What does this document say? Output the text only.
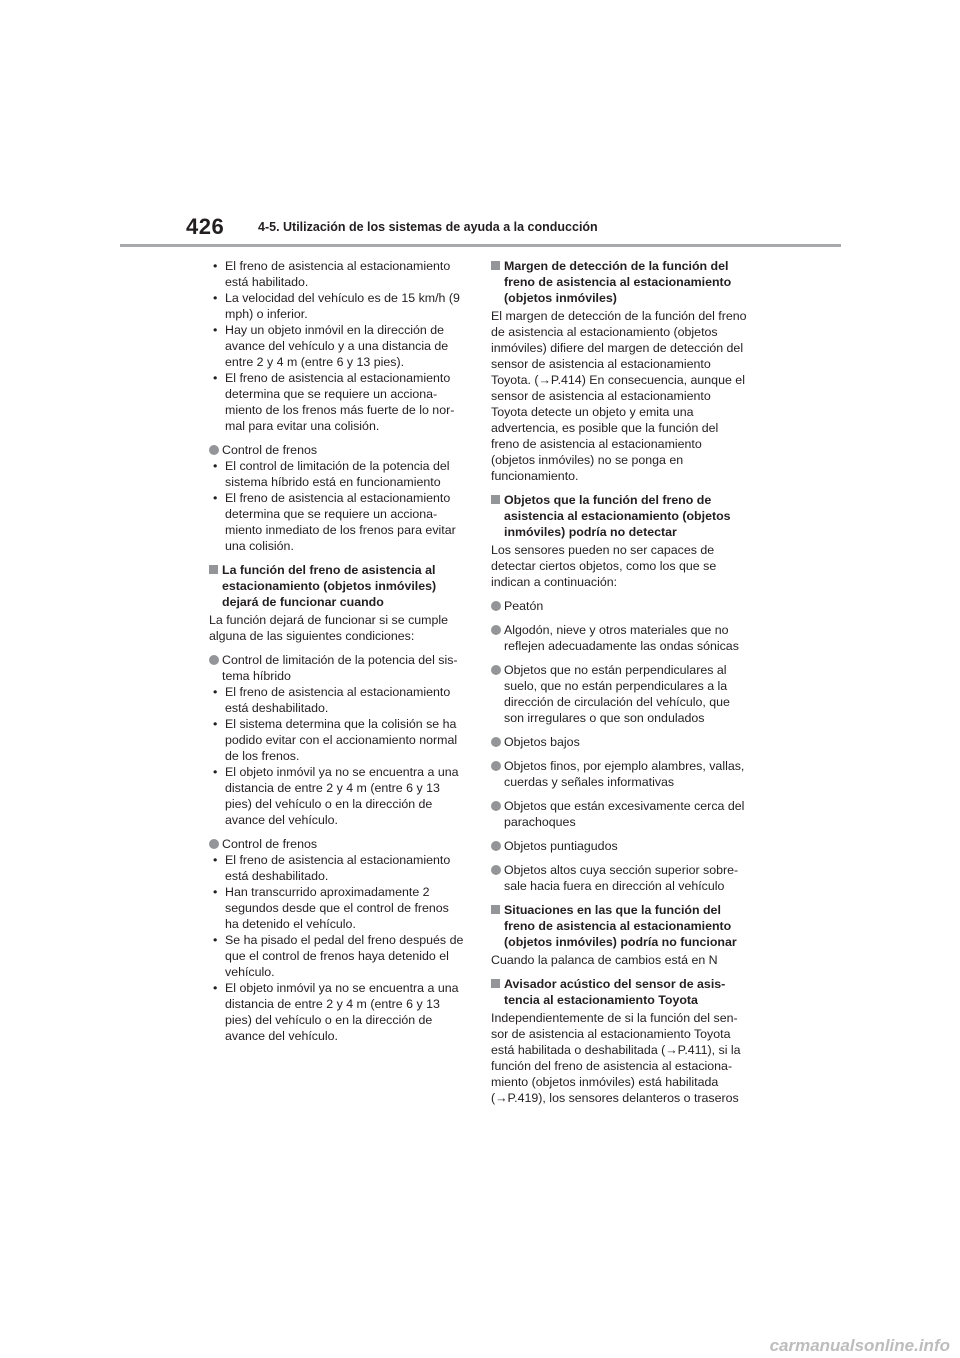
426	4-5. Utilización de los sistemas de ayuda a la conducción
• El freno de asistencia al estacionamiento está habilitado.
• La velocidad del vehículo es de 15 km/h (9 mph) o inferior.
• Hay un objeto inmóvil en la dirección de avance del vehículo y a una distancia de entre 2 y 4 m (entre 6 y 13 pies).
• El freno de asistencia al estacionamiento determina que se requiere un accionamiento de los frenos más fuerte de lo normal para evitar una colisión.
Control de frenos
• El control de limitación de la potencia del sistema híbrido está en funcionamiento
• El freno de asistencia al estacionamiento determina que se requiere un accionamiento inmediato de los frenos para evitar una colisión.
La función del freno de asistencia al estacionamiento (objetos inmóviles) dejará de funcionar cuando

La función dejará de funcionar si se cumple alguna de las siguientes condiciones:

Control de limitación de la potencia del sistema híbrido
• El freno de asistencia al estacionamiento está deshabilitado.
• El sistema determina que la colisión se ha podido evitar con el accionamiento normal de los frenos.
• El objeto inmóvil ya no se encuentra a una distancia de entre 2 y 4 m (entre 6 y 13 pies) del vehículo o en la dirección de avance del vehículo.
Control de frenos
• El freno de asistencia al estacionamiento está deshabilitado.
• Han transcurrido aproximadamente 2 segundos desde que el control de frenos ha detenido el vehículo.
• Se ha pisado el pedal del freno después de que el control de frenos haya detenido el vehículo.
• El objeto inmóvil ya no se encuentra a una distancia de entre 2 y 4 m (entre 6 y 13 pies) del vehículo o en la dirección de avance del vehículo.
Margen de detección de la función del freno de asistencia al estacionamiento (objetos inmóviles)

El margen de detección de la función del freno de asistencia al estacionamiento (objetos inmóviles) difiere del margen de detección del sensor de asistencia al estacionamiento Toyota. (→P.414) En consecuencia, aunque el sensor de asistencia al estacionamiento Toyota detecte un objeto y emita una advertencia, es posible que la función del freno de asistencia al estacionamiento (objetos inmóviles) no se ponga en funcionamiento.

Objetos que la función del freno de asistencia al estacionamiento (objetos inmóviles) podría no detectar

Los sensores pueden no ser capaces de detectar ciertos objetos, como los que se indican a continuación:

Peatón
Algodón, nieve y otros materiales que no reflejen adecuadamente las ondas sónicas
Objetos que no están perpendiculares al suelo, que no están perpendiculares a la dirección de circulación del vehículo, que son irregulares o que son ondulados
Objetos bajos
Objetos finos, por ejemplo alambres, vallas, cuerdas y señales informativas
Objetos que están excesivamente cerca del parachoques
Objetos puntiagudos
Objetos altos cuya sección superior sobresale hacia fuera en dirección al vehículo
Situaciones en las que la función del freno de asistencia al estacionamiento (objetos inmóviles) podría no funcionar

Cuando la palanca de cambios está en N

Avisador acústico del sensor de asistencia al estacionamiento Toyota

Independientemente de si la función del sensor de asistencia al estacionamiento Toyota está habilitada o deshabilitada (→P.411), si la función del freno de asistencia al estacionamiento (objetos inmóviles) está habilitada (→P.419), los sensores delanteros o traseros

carmanualsonline.info
